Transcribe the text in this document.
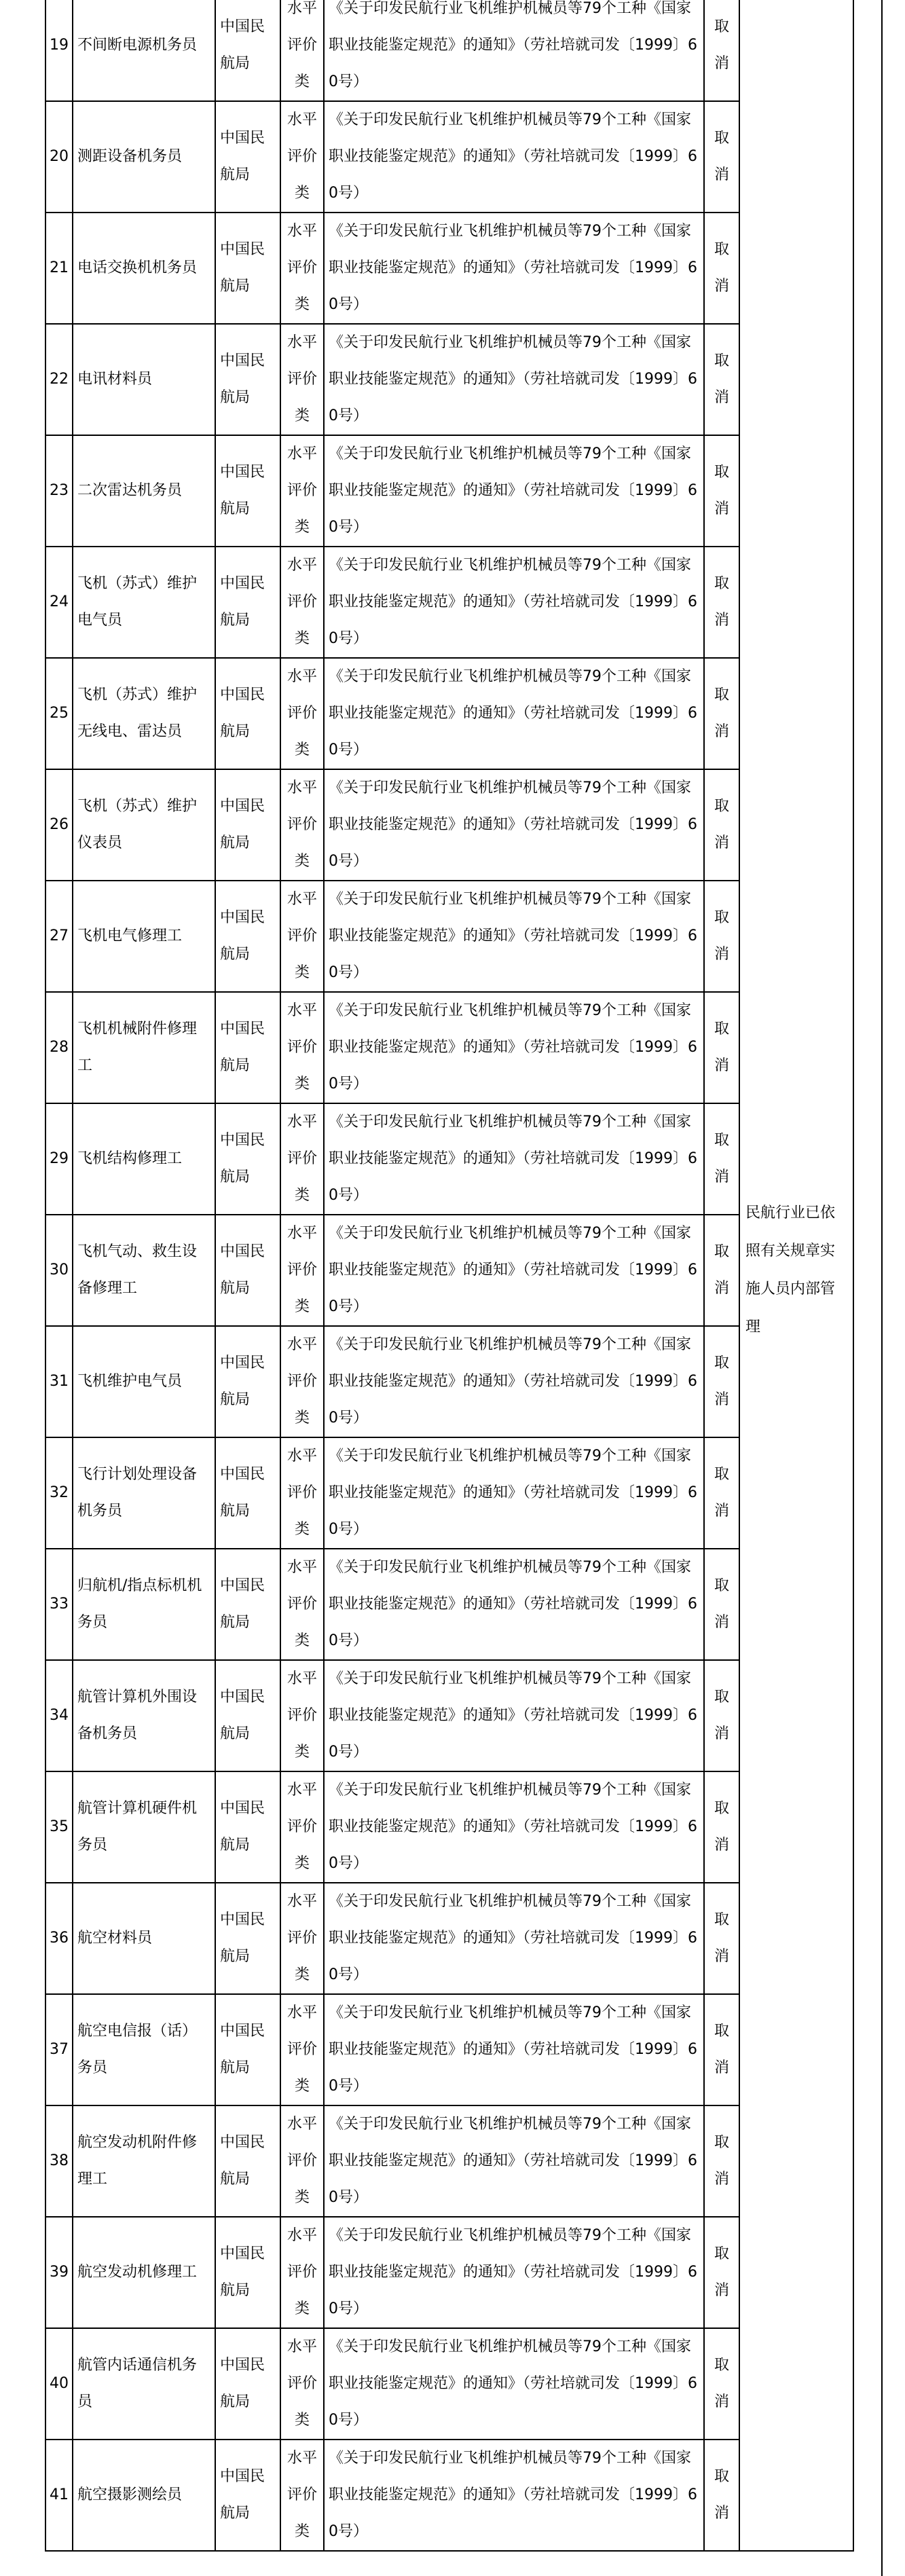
19	不间断电源机务员	中国民航局	水平评价类	《关于印发民航行业飞机维护机械员等79个工种《国家职业技能鉴定规范》的通知》（劳社培就司发〔1999〕60号）	取消	民航行业已依照有关规章实施人员内部管理
20	测距设备机务员	中国民航局	水平评价类	《关于印发民航行业飞机维护机械员等79个工种《国家职业技能鉴定规范》的通知》（劳社培就司发〔1999〕60号）	取消	
21	电话交换机机务员	中国民航局	水平评价类	《关于印发民航行业飞机维护机械员等79个工种《国家职业技能鉴定规范》的通知》（劳社培就司发〔1999〕60号）	取消	
22	电讯材料员	中国民航局	水平评价类	《关于印发民航行业飞机维护机械员等79个工种《国家职业技能鉴定规范》的通知》（劳社培就司发〔1999〕60号）	取消	
23	二次雷达机务员	中国民航局	水平评价类	《关于印发民航行业飞机维护机械员等79个工种《国家职业技能鉴定规范》的通知》（劳社培就司发〔1999〕60号）	取消	
24	飞机（苏式）维护电气员	中国民航局	水平评价类	《关于印发民航行业飞机维护机械员等79个工种《国家职业技能鉴定规范》的通知》（劳社培就司发〔1999〕60号）	取消	
25	飞机（苏式）维护无线电、雷达员	中国民航局	水平评价类	《关于印发民航行业飞机维护机械员等79个工种《国家职业技能鉴定规范》的通知》（劳社培就司发〔1999〕60号）	取消	
26	飞机（苏式）维护仪表员	中国民航局	水平评价类	《关于印发民航行业飞机维护机械员等79个工种《国家职业技能鉴定规范》的通知》（劳社培就司发〔1999〕60号）	取消	
27	飞机电气修理工	中国民航局	水平评价类	《关于印发民航行业飞机维护机械员等79个工种《国家职业技能鉴定规范》的通知》（劳社培就司发〔1999〕60号）	取消	
28	飞机机械附件修理工	中国民航局	水平评价类	《关于印发民航行业飞机维护机械员等79个工种《国家职业技能鉴定规范》的通知》（劳社培就司发〔1999〕60号）	取消	
29	飞机结构修理工	中国民航局	水平评价类	《关于印发民航行业飞机维护机械员等79个工种《国家职业技能鉴定规范》的通知》（劳社培就司发〔1999〕60号）	取消	
30	飞机气动、救生设备修理工	中国民航局	水平评价类	《关于印发民航行业飞机维护机械员等79个工种《国家职业技能鉴定规范》的通知》（劳社培就司发〔1999〕60号）	取消	
31	飞机维护电气员	中国民航局	水平评价类	《关于印发民航行业飞机维护机械员等79个工种《国家职业技能鉴定规范》的通知》（劳社培就司发〔1999〕60号）	取消	
32	飞行计划处理设备机务员	中国民航局	水平评价类	《关于印发民航行业飞机维护机械员等79个工种《国家职业技能鉴定规范》的通知》（劳社培就司发〔1999〕60号）	取消	
33	归航机/指点标机机务员	中国民航局	水平评价类	《关于印发民航行业飞机维护机械员等79个工种《国家职业技能鉴定规范》的通知》（劳社培就司发〔1999〕60号）	取消	
34	航管计算机外围设备机务员	中国民航局	水平评价类	《关于印发民航行业飞机维护机械员等79个工种《国家职业技能鉴定规范》的通知》（劳社培就司发〔1999〕60号）	取消	
35	航管计算机硬件机务员	中国民航局	水平评价类	《关于印发民航行业飞机维护机械员等79个工种《国家职业技能鉴定规范》的通知》（劳社培就司发〔1999〕60号）	取消	
36	航空材料员	中国民航局	水平评价类	《关于印发民航行业飞机维护机械员等79个工种《国家职业技能鉴定规范》的通知》（劳社培就司发〔1999〕60号）	取消	
37	航空电信报（话）务员	中国民航局	水平评价类	《关于印发民航行业飞机维护机械员等79个工种《国家职业技能鉴定规范》的通知》（劳社培就司发〔1999〕60号）	取消	
38	航空发动机附件修理工	中国民航局	水平评价类	《关于印发民航行业飞机维护机械员等79个工种《国家职业技能鉴定规范》的通知》（劳社培就司发〔1999〕60号）	取消	
39	航空发动机修理工	中国民航局	水平评价类	《关于印发民航行业飞机维护机械员等79个工种《国家职业技能鉴定规范》的通知》（劳社培就司发〔1999〕60号）	取消	
40	航管内话通信机务员	中国民航局	水平评价类	《关于印发民航行业飞机维护机械员等79个工种《国家职业技能鉴定规范》的通知》（劳社培就司发〔1999〕60号）	取消	
41	航空摄影测绘员	中国民航局	水平评价类	《关于印发民航行业飞机维护机械员等79个工种《国家职业技能鉴定规范》的通知》（劳社培就司发〔1999〕60号）	取消	
